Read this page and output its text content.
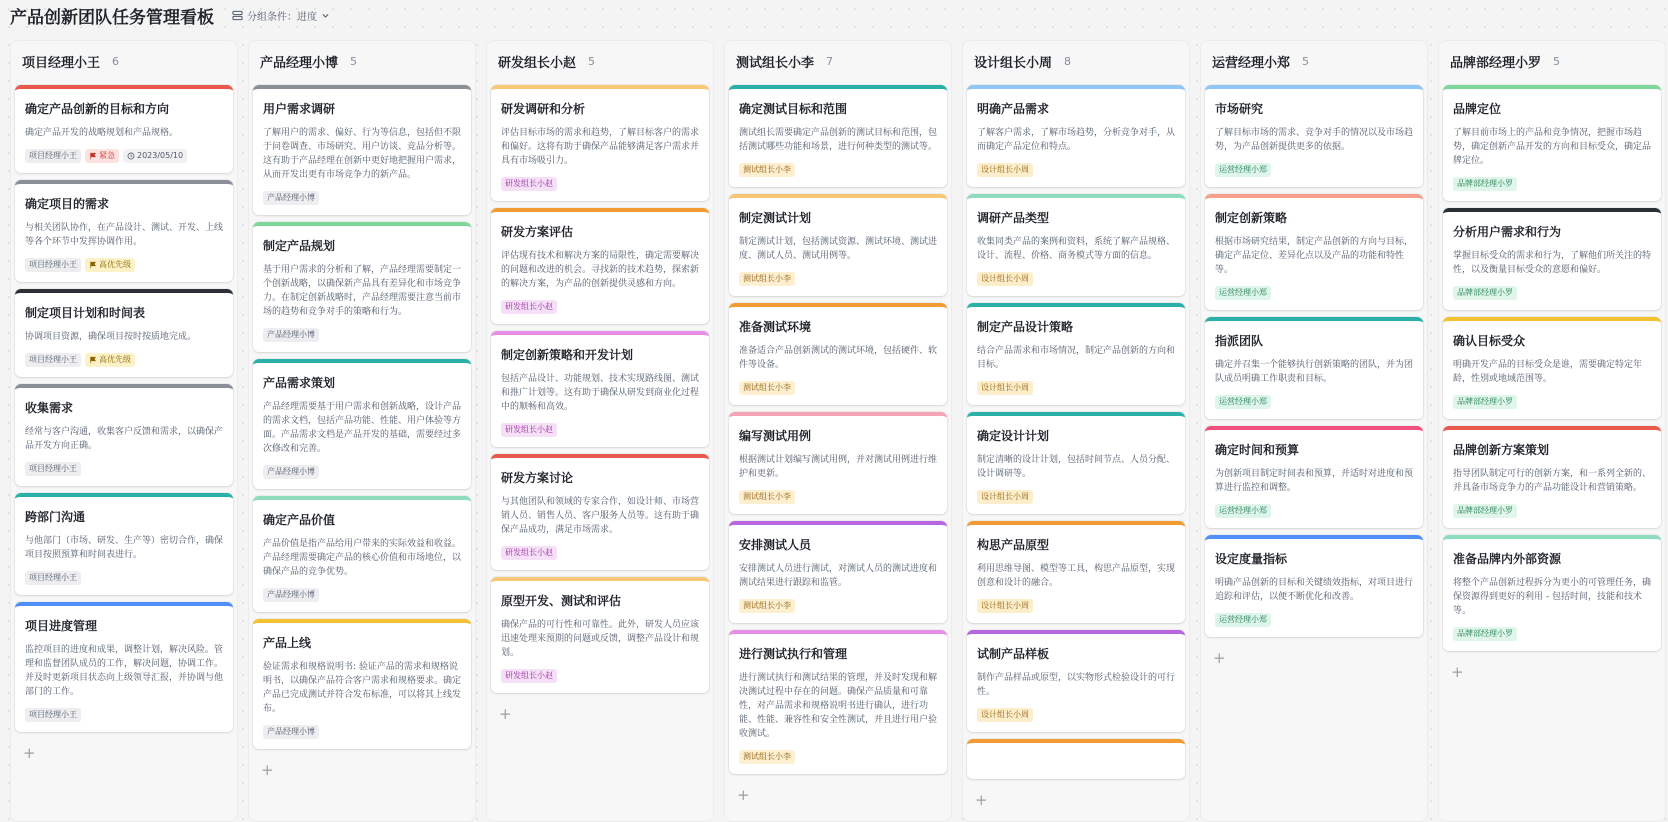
产品创新团队任务管理看板	分组条件：进度
项目经理小王 6
确定产品创新的目标和方向
确定产品开发的战略规划和产品规格。
项目经理小王	紧急	2023/05/10
确定项目的需求
与相关团队协作，在产品设计、测试、开发、上线等各个环节中发挥协调作用。
项目经理小王	高优先级
制定项目计划和时间表
协调项目资源，确保项目按时按质地完成。
项目经理小王	高优先级
收集需求
经常与客户沟通，收集客户反馈和需求，以确保产品开发方向正确。
项目经理小王
跨部门沟通
与他部门（市场、研发、生产等）密切合作，确保项目按照预算和时间表进行。
项目经理小王
项目进度管理
监控项目的进度和成果，调整计划，解决风险。管理和监督团队成员的工作，解决问题，协调工作。并及时更新项目状态向上级领导汇报，并协调与他部门的工作。
项目经理小王
+
产品经理小博 5
用户需求调研
了解用户的需求、偏好、行为等信息，包括但不限于问卷调查、市场研究、用户访谈、竞品分析等。这有助于产品经理在创新中更好地把握用户需求，从而开发出更有市场竞争力的新产品。
产品经理小博
制定产品规划
基于用户需求的分析和了解，产品经理需要制定一个创新战略，以确保新产品具有差异化和市场竞争力。在制定创新战略时，产品经理需要注意当前市场的趋势和竞争对手的策略和行为。
产品经理小博
产品需求策划
产品经理需要基于用户需求和创新战略，设计产品的需求文档，包括产品功能、性能、用户体验等方面。产品需求文档是产品开发的基础，需要经过多次修改和完善。
产品经理小博
确定产品价值
产品价值是指产品给用户带来的实际效益和收益。产品经理需要确定产品的核心价值和市场地位，以确保产品的竞争优势。
产品经理小博
产品上线
验证需求和规格说明书: 验证产品的需求和规格说明书，以确保产品符合客户需求和规格要求。确定产品已完成测试并符合发布标准，可以将其上线发布。
产品经理小博
+
研发组长小赵 5
研发调研和分析
评估目标市场的需求和趋势，了解目标客户的需求和偏好。这将有助于确保产品能够满足客户需求并具有市场吸引力。
研发组长小赵
研发方案评估
评估现有技术和解决方案的局限性，确定需要解决的问题和改进的机会。寻找新的技术趋势，探索新的解决方案，为产品的创新提供灵感和方向。
研发组长小赵
制定创新策略和开发计划
包括产品设计、功能规划、技术实现路线图、测试和推广计划等。这有助于确保从研发到商业化过程中的顺畅和高效。
研发组长小赵
研发方案讨论
与其他团队和领域的专家合作，如设计师、市场营销人员、销售人员、客户服务人员等。这有助于确保产品成功，满足市场需求。
研发组长小赵
原型开发、测试和评估
确保产品的可行性和可靠性。此外，研发人员应该迅速处理来预期的问题或反馈，调整产品设计和规划。
研发组长小赵
+
测试组长小李 7
确定测试目标和范围
测试组长需要确定产品创新的测试目标和范围，包括测试哪些功能和场景，进行何种类型的测试等。
测试组长小李
制定测试计划
制定测试计划，包括测试资源、测试环境、测试进度、测试人员、测试用例等。
测试组长小李
准备测试环境
准备适合产品创新测试的测试环境，包括硬件、软件等设备。
测试组长小李
编写测试用例
根据测试计划编写测试用例，并对测试用例进行维护和更新。
测试组长小李
安排测试人员
安排测试人员进行测试，对测试人员的测试进度和测试结果进行跟踪和监管。
测试组长小李
进行测试执行和管理
进行测试执行和测试结果的管理，并及时发现和解决测试过程中存在的问题。确保产品质量和可靠性，对产品需求和规格说明书进行确认，进行功能、性能、兼容性和安全性测试，并且进行用户验收测试。
测试组长小李
+
设计组长小周 8
明确产品需求
了解客户需求，了解市场趋势，分析竞争对手，从而确定产品定位和特点。
设计组长小周
调研产品类型
收集同类产品的案例和资料，系统了解产品规格、设计、流程、价格、商务模式等方面的信息。
设计组长小周
制定产品设计策略
结合产品需求和市场情况，制定产品创新的方向和目标。
设计组长小周
确定设计计划
制定清晰的设计计划，包括时间节点、人员分配、设计调研等。
设计组长小周
构思产品原型
利用思维导图、模型等工具，构思产品原型，实现创意和设计的融合。
设计组长小周
试制产品样板
制作产品样品或原型，以实物形式检验设计的可行性。
设计组长小周
+
运营经理小郑 5
市场研究
了解目标市场的需求、竞争对手的情况以及市场趋势，为产品创新提供更多的依据。
运营经理小郑
制定创新策略
根据市场研究结果，制定产品创新的方向与目标，确定产品定位、差异化点以及产品的功能和特性等。
运营经理小郑
指派团队
确定并召集一个能够执行创新策略的团队，并为团队成员明确工作职责和目标。
运营经理小郑
确定时间和预算
为创新项目制定时间表和预算，并适时对进度和预算进行监控和调整。
运营经理小郑
设定度量指标
明确产品创新的目标和关键绩效指标，对项目进行追踪和评估，以便不断优化和改善。
运营经理小郑
+
品牌部经理小罗 5
品牌定位
了解目前市场上的产品和竞争情况，把握市场趋势，确定创新产品开发的方向和目标受众，确定品牌定位。
品牌部经理小罗
分析用户需求和行为
掌握目标受众的需求和行为，了解他们所关注的特性，以及衡量目标受众的意愿和偏好。
品牌部经理小罗
确认目标受众
明确开发产品的目标受众是谁，需要确定特定年龄，性别或地域范围等。
品牌部经理小罗
品牌创新方案策划
指导团队制定可行的创新方案，和一系列全新的、并具备市场竞争力的产品功能设计和营销策略。
品牌部经理小罗
准备品牌内外部资源
将整个产品创新过程拆分为更小的可管理任务，确保资源得到更好的利用 - 包括时间，技能和技术等。
品牌部经理小罗
+
